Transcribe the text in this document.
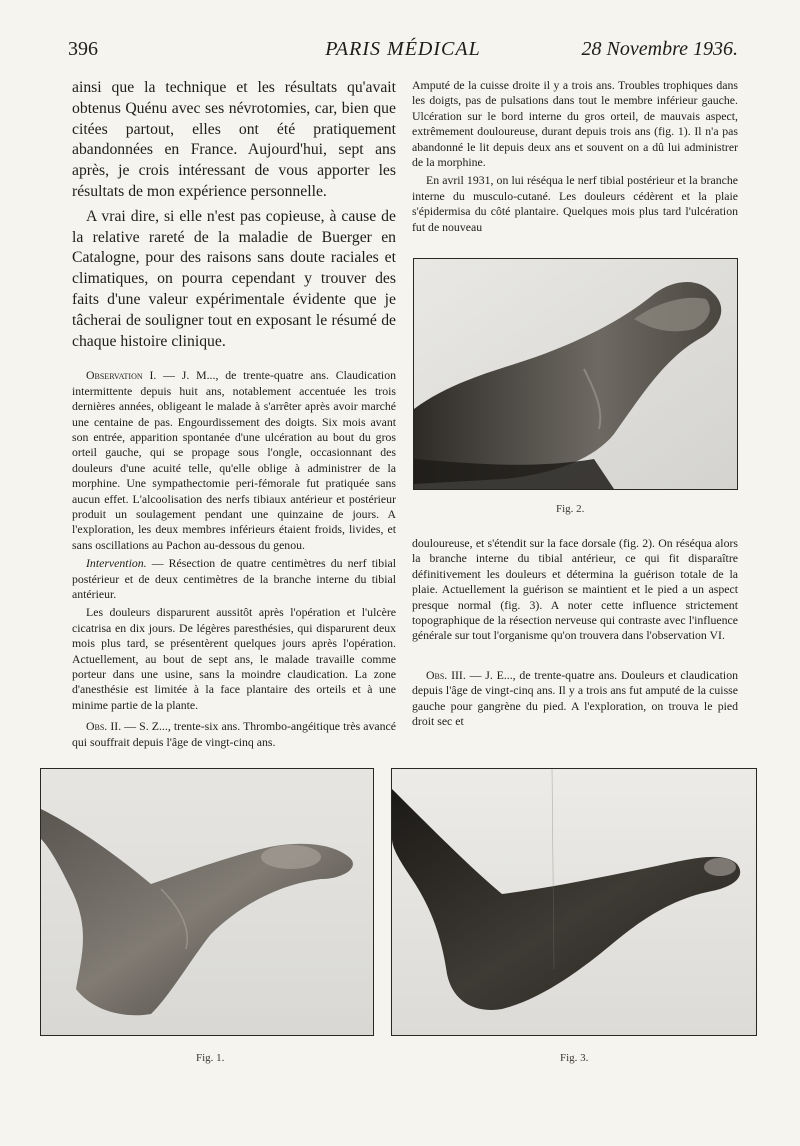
396	PARIS MÉDICAL	28 Novembre 1936.

ainsi que la technique et les résultats qu'avait obtenus Quénu avec ses névrotomies, car, bien que citées partout, elles ont été pratiquement abandonnées en France. Aujourd'hui, sept ans après, je crois intéressant de vous apporter les résultats de mon expérience personnelle.

A vrai dire, si elle n'est pas copieuse, à cause de la relative rareté de la maladie de Buerger en Catalogne, pour des raisons sans doute raciales et climatiques, on pourra cependant y trouver des faits d'une valeur expérimentale évidente que je tâcherai de souligner tout en exposant le résumé de chaque histoire clinique.

Observation I. — J. M..., de trente-quatre ans. Claudication intermittente depuis huit ans, notablement accentuée les trois dernières années, obligeant le malade à s'arrêter après avoir marché une centaine de pas. Engourdissement des doigts. Six mois avant son entrée, apparition spontanée d'une ulcération au bout du gros orteil gauche, qui se propage sous l'ongle, occasionnant des douleurs d'une acuité telle, qu'elle oblige à administrer de la morphine. Une sympathectomie peri-fémorale fut pratiquée sans aucun effet. L'alcoolisation des nerfs tibiaux antérieur et postérieur produit un soulagement pendant une quinzaine de jours. A l'exploration, les deux membres inférieurs étaient froids, livides, et sans oscillations au Pachon au-dessous du genou.

Intervention. — Résection de quatre centimètres du nerf tibial postérieur et de deux centimètres de la branche interne du tibial antérieur.

Les douleurs disparurent aussitôt après l'opération et l'ulcère cicatrisa en dix jours. De légères paresthésies, qui disparurent deux mois plus tard, se présentèrent quelques jours après l'opération. Actuellement, au bout de sept ans, le malade travaille comme porteur dans une usine, sans la moindre claudication. La zone d'anesthésie est limitée à la face plantaire des orteils et à une minime partie de la plante.

Obs. II. — S. Z..., trente-six ans. Thrombo-angéitique très avancé qui souffrait depuis l'âge de vingt-cinq ans.

Amputé de la cuisse droite il y a trois ans. Troubles trophiques dans les doigts, pas de pulsations dans tout le membre inférieur gauche. Ulcération sur le bord interne du gros orteil, de mauvais aspect, extrêmement douloureuse, durant depuis trois ans (fig. 1). Il n'a pas abandonné le lit depuis deux ans et souvent on a dû lui administrer de la morphine.

En avril 1931, on lui réséqua le nerf tibial postérieur et la branche interne du musculo-cutané. Les douleurs cédèrent et la plaie s'épidermisa du côté plantaire. Quelques mois plus tard l'ulcération fut de nouveau

Fig. 2.

douloureuse, et s'étendit sur la face dorsale (fig. 2). On réséqua alors la branche interne du tibial antérieur, ce qui fit disparaître définitivement les douleurs et détermina la guérison totale de la plaie. Actuellement la guérison se maintient et le pied a un aspect presque normal (fig. 3). A noter cette influence strictement topographique de la résection nerveuse qui contraste avec l'influence générale sur tout l'organisme qu'on trouvera dans l'observation VI.

Obs. III. — J. E..., de trente-quatre ans. Douleurs et claudication depuis l'âge de vingt-cinq ans. Il y a trois ans fut amputé de la cuisse gauche pour gangrène du pied. A l'exploration, on trouva le pied droit sec et

Fig. 1.	Fig. 3.
